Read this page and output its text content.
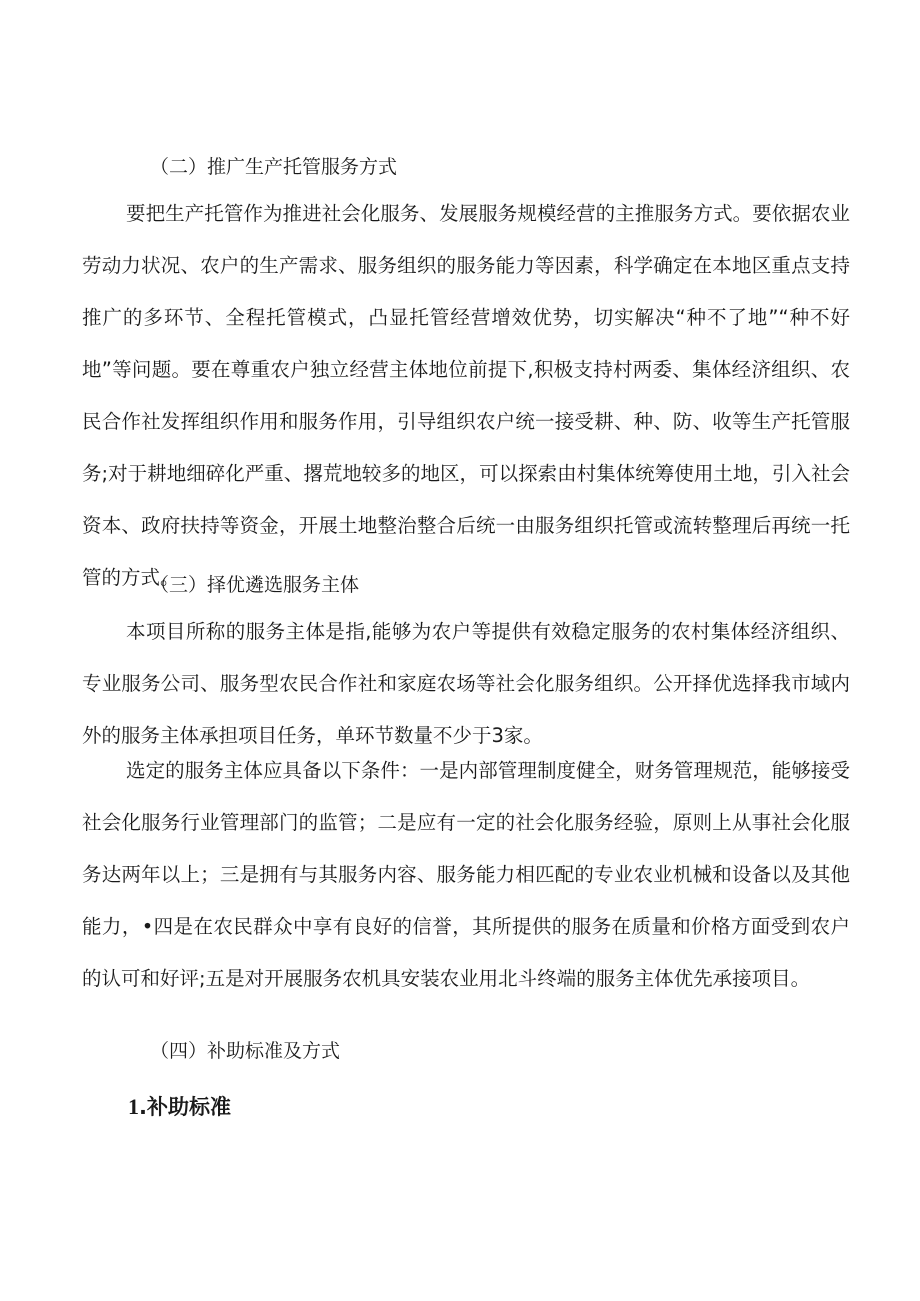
（二）推广生产托管服务方式

要把生产托管作为推进社会化服务、发展服务规模经营的主推服务方式。要依据农业劳动力状况、农户的生产需求、服务组织的服务能力等因素，科学确定在本地区重点支持推广的多环节、全程托管模式，凸显托管经营增效优势，切实解决“种不了地”“种不好地”等问题。要在尊重农户独立经营主体地位前提下,积极支持村两委、集体经济组织、农民合作社发挥组织作用和服务作用，引导组织农户统一接受耕、种、防、收等生产托管服务;对于耕地细碎化严重、撂荒地较多的地区，可以探索由村集体统筹使用土地，引入社会资本、政府扶持等资金，开展土地整治整合后统一由服务组织托管或流转整理后再统一托管的方式。

（三）择优遴选服务主体

本项目所称的服务主体是指,能够为农户等提供有效稳定服务的农村集体经济组织、专业服务公司、服务型农民合作社和家庭农场等社会化服务组织。公开择优选择我市域内外的服务主体承担项目任务，单环节数量不少于3家。

选定的服务主体应具备以下条件：一是内部管理制度健全，财务管理规范，能够接受社会化服务行业管理部门的监管；二是应有一定的社会化服务经验，原则上从事社会化服务达两年以上；三是拥有与其服务内容、服务能力相匹配的专业农业机械和设备以及其他能力，•四是在农民群众中享有良好的信誉，其所提供的服务在质量和价格方面受到农户的认可和好评;五是对开展服务农机具安装农业用北斗终端的服务主体优先承接项目。

（四）补助标准及方式
1.补助标准
